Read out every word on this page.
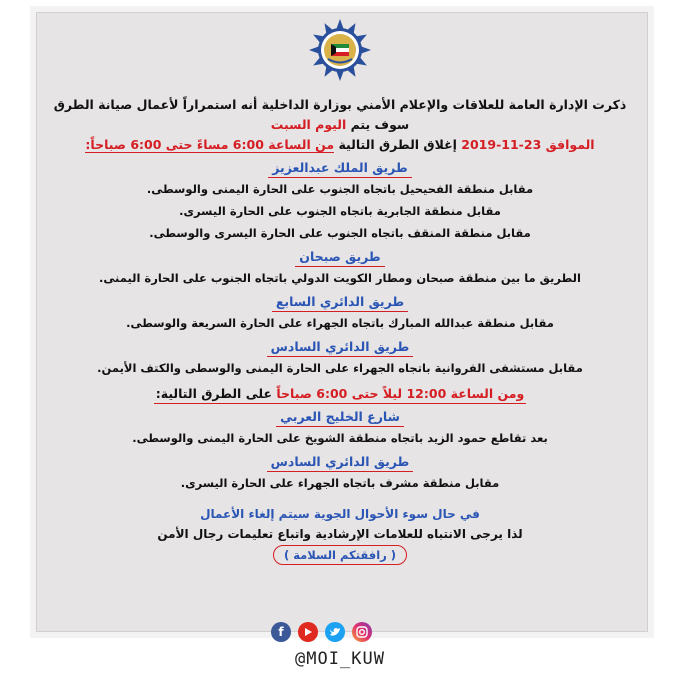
ذكرت الإدارة العامة للعلاقات والإعلام الأمني بوزارة الداخلية أنه استمراراً لأعمال صيانة الطرق سوف يتم اليوم السبت
الموافق 23-11-2019 إغلاق الطرق التالية من الساعة 6:00 مساءً حتى 6:00 صباحاً:
طريق الملك عبدالعزيز
مقابل منطقة الفحيحيل باتجاه الجنوب على الحارة اليمنى والوسطى.
مقابل منطقة الجابرية باتجاه الجنوب على الحارة اليسرى.
مقابل منطقة المنقف باتجاه الجنوب على الحارة اليسرى والوسطى.
طريق صبحان
الطريق ما بين منطقة صبحان ومطار الكويت الدولي باتجاه الجنوب على الحارة اليمنى.
طريق الدائري السابع
مقابل منطقة عبدالله المبارك باتجاه الجهراء على الحارة السريعة والوسطى.
طريق الدائري السادس
مقابل مستشفى الفروانية باتجاه الجهراء على الحارة اليمنى والوسطى والكتف الأيمن.
ومن الساعة 12:00 ليلاً حتى 6:00 صباحاً على الطرق التالية:
شارع الخليج العربي
بعد تقاطع حمود الزيد باتجاه منطقة الشويخ على الحارة اليمنى والوسطى.
طريق الدائري السادس
مقابل منطقة مشرف باتجاه الجهراء على الحارة اليسرى.
في حال سوء الأحوال الجوية سيتم إلغاء الأعمال
لذا يرجى الانتباه للعلامات الإرشادية واتباع تعليمات رجال الأمن
( رافقتكم السلامة )
f
@MOI_KUW
